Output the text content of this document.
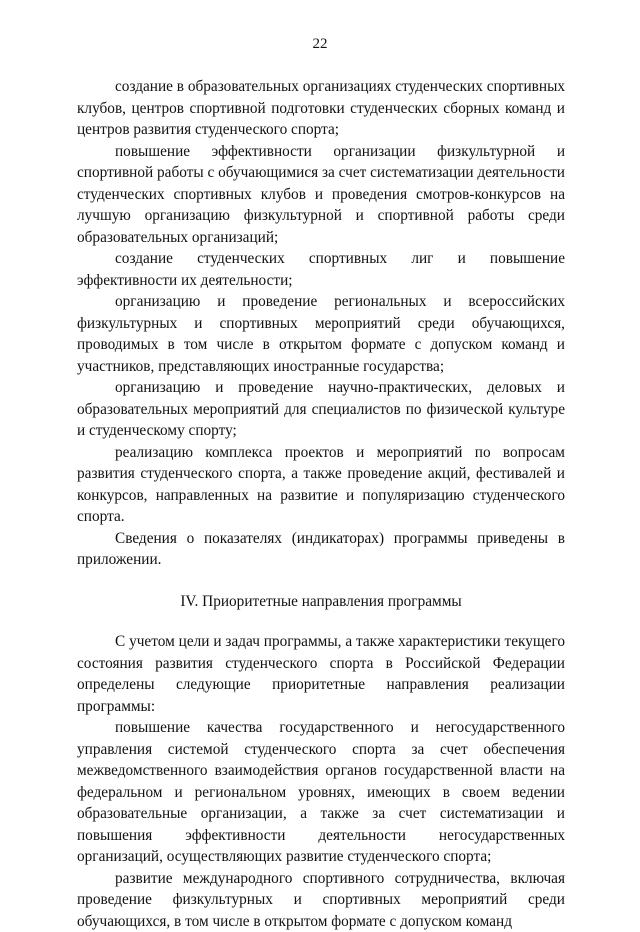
22

создание в образовательных организациях студенческих спортивных клубов, центров спортивной подготовки студенческих сборных команд и центров развития студенческого спорта;

повышение эффективности организации физкультурной и спортивной работы с обучающимися за счет систематизации деятельности студенческих спортивных клубов и проведения смотров-конкурсов на лучшую организацию физкультурной и спортивной работы среди образовательных организаций;

создание студенческих спортивных лиг и повышение эффективности их деятельности;

организацию и проведение региональных и всероссийских физкультурных и спортивных мероприятий среди обучающихся, проводимых в том числе в открытом формате с допуском команд и участников, представляющих иностранные государства;

организацию и проведение научно-практических, деловых и образовательных мероприятий для специалистов по физической культуре и студенческому спорту;

реализацию комплекса проектов и мероприятий по вопросам развития студенческого спорта, а также проведение акций, фестивалей и конкурсов, направленных на развитие и популяризацию студенческого спорта.

Сведения о показателях (индикаторах) программы приведены в приложении.

IV. Приоритетные направления программы

С учетом цели и задач программы, а также характеристики текущего состояния развития студенческого спорта в Российской Федерации определены следующие приоритетные направления реализации программы:

повышение качества государственного и негосударственного управления системой студенческого спорта за счет обеспечения межведомственного взаимодействия органов государственной власти на федеральном и региональном уровнях, имеющих в своем ведении образовательные организации, а также за счет систематизации и повышения эффективности деятельности негосударственных организаций, осуществляющих развитие студенческого спорта;

развитие международного спортивного сотрудничества, включая проведение физкультурных и спортивных мероприятий среди обучающихся, в том числе в открытом формате с допуском команд
